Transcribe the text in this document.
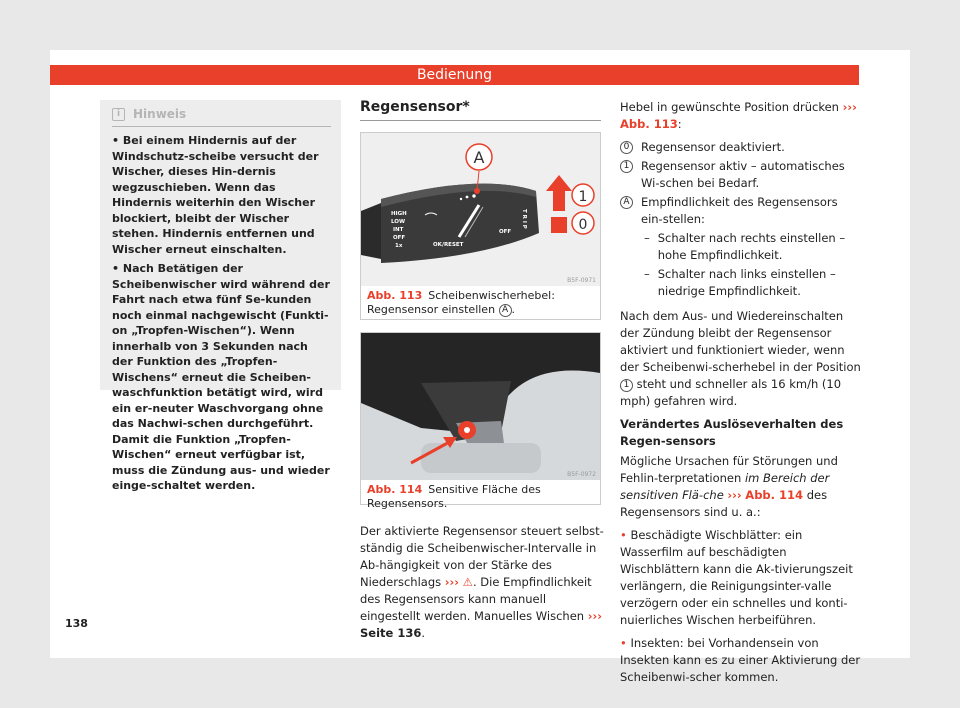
Bedienung
i	Hinweis

• Bei einem Hindernis auf der Windschutz-scheibe versucht der Wischer, dieses Hin-dernis wegzuschieben. Wenn das Hindernis weiterhin den Wischer blockiert, bleibt der Wischer stehen. Hindernis entfernen und Wischer erneut einschalten.

• Nach Betätigen der Scheibenwischer wird während der Fahrt nach etwa fünf Se-kunden noch einmal nachgewischt (Funkti-on „Tropfen-Wischen“). Wenn innerhalb von 3 Sekunden nach der Funktion des „Tropfen-Wischens“ erneut die Scheiben-waschfunktion betätigt wird, wird ein er-neuter Waschvorgang ohne das Nachwi-schen durchgeführt. Damit die Funktion „Tropfen-Wischen“ erneut verfügbar ist, muss die Zündung aus- und wieder einge-schaltet werden.

Regensensor*
HIGH
LOW
INT
OFF
1x	OK/RESET
OFF
T R I P
A
1
0
B5F-0971
Abb. 113 Scheibenwischerhebel: Regensensor einstellen A .
B5F-0972
Abb. 114 Sensitive Fläche des Regensensors.
Der aktivierte Regensensor steuert selbst-ständig die Scheibenwischer-Intervalle in Ab-hängigkeit von der Stärke des Niederschlags ››› ⚠. Die Empfindlichkeit des Regensensors kann manuell eingestellt werden. Manuelles Wischen ››› Seite 136.

Hebel in gewünschte Position drücken ››› Abb. 113:

0	Regensensor deaktiviert.
1	Regensensor aktiv – automatisches Wi-schen bei Bedarf.
A Empfindlichkeit des Regensensors ein-stellen:
– Schalter nach rechts einstellen – hohe Empfindlichkeit.
– Schalter nach links einstellen – niedrige Empfindlichkeit.

Nach dem Aus- und Wiedereinschalten der Zündung bleibt der Regensensor aktiviert und funktioniert wieder, wenn der Scheibenwi-scherhebel in der Position 1 steht und schneller als 16 km/h (10 mph) gefahren wird.

Verändertes Auslöseverhalten des Regen-sensors

Mögliche Ursachen für Störungen und Fehlin-terpretationen im Bereich der sensitiven Flä-che ››› Abb. 114 des Regensensors sind u. a.:

• Beschädigte Wischblätter: ein Wasserfilm auf beschädigten Wischblättern kann die Ak-tivierungszeit verlängern, die Reinigungsinter-valle verzögern oder ein schnelles und konti-nuierliches Wischen herbeiführen.

• Insekten: bei Vorhandensein von Insekten kann es zu einer Aktivierung der Scheibenwi-scher kommen.

138
